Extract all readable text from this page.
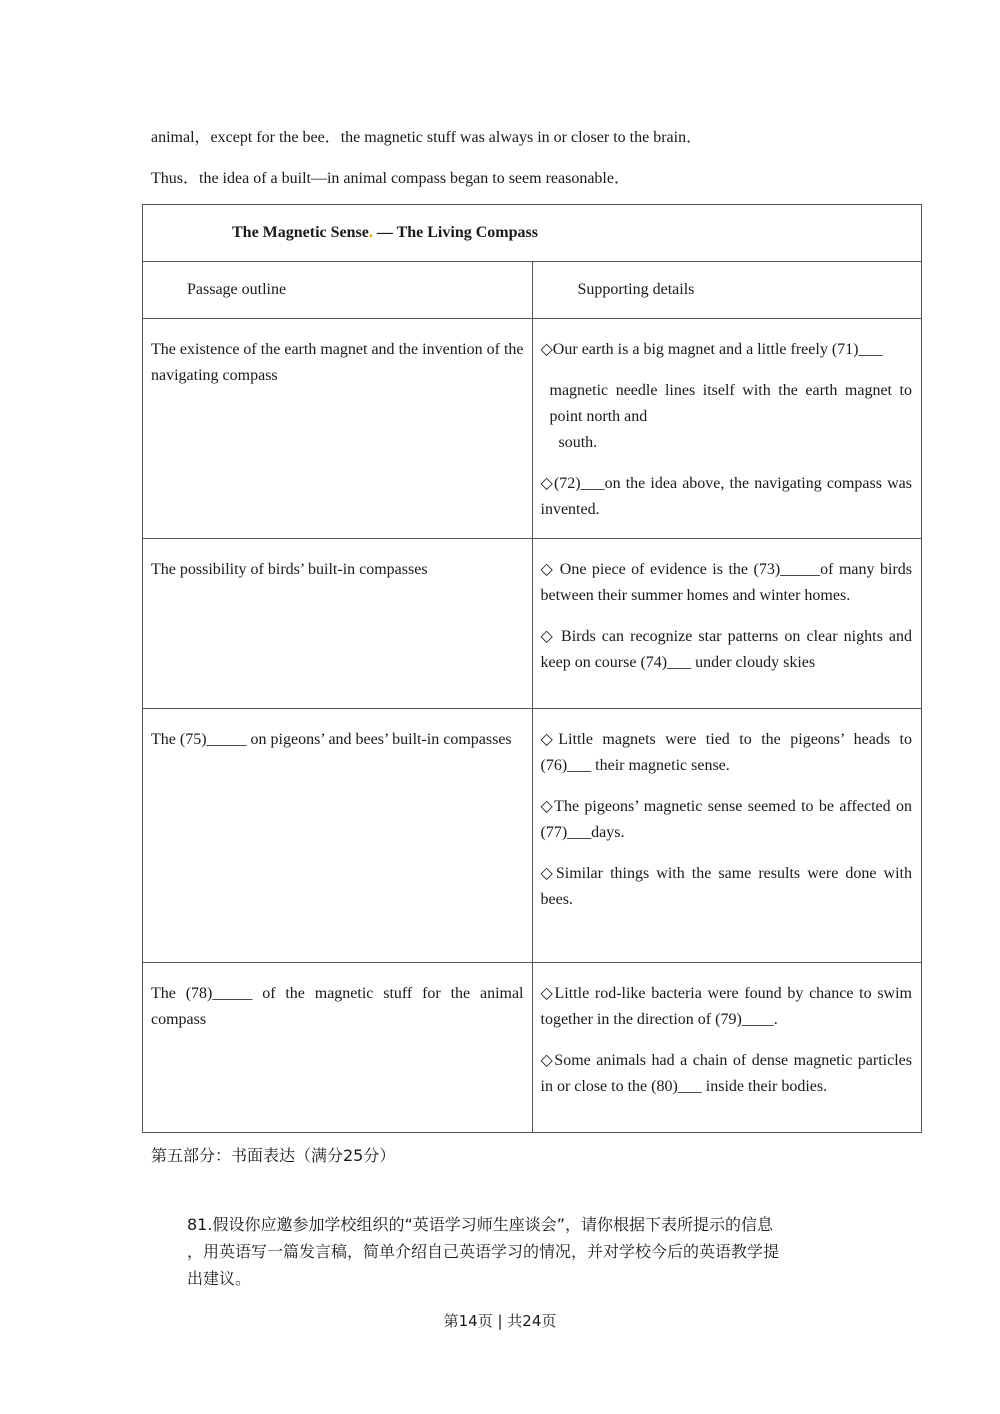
animal，except for the bee．the magnetic stuff was always in or closer to the brain．
Thus．the idea of a built—in animal compass began to seem reasonable．
The Magnetic Sense. — The Living Compass	
Passage outline	Supporting details
The existence of the earth magnet and the invention of the navigating compass	◇Our earth is a big magnet and a little freely (71)___

magnetic needle lines itself with the earth magnet to point north and

south.

◇(72)___on the idea above, the navigating compass was invented.

The possibility of birds’ built-in compasses	◇ One piece of evidence is the (73)_____of many birds between their summer homes and winter homes.

◇ Birds can recognize star patterns on clear nights and keep on course (74)___ under cloudy skies

The (75)_____ on pigeons’ and bees’ built-in compasses	◇Little magnets were tied to the pigeons’ heads to (76)___ their magnetic sense.

◇The pigeons’ magnetic sense seemed to be affected on (77)___days.

◇Similar things with the same results were done with bees.

The (78)_____ of the magnetic stuff for the animal compass	◇Little rod-like bacteria were found by chance to swim together in the direction of (79)____.

◇Some animals had a chain of dense magnetic particles in or close to the (80)___ inside their bodies.

第五部分：书面表达（满分25分）

81.假设你应邀参加学校组织的“英语学习师生座谈会”，请你根据下表所提示的信息

，用英语写一篇发言稿，简单介绍自己英语学习的情况，并对学校今后的英语教学提

出建议。

第14页 | 共24页
